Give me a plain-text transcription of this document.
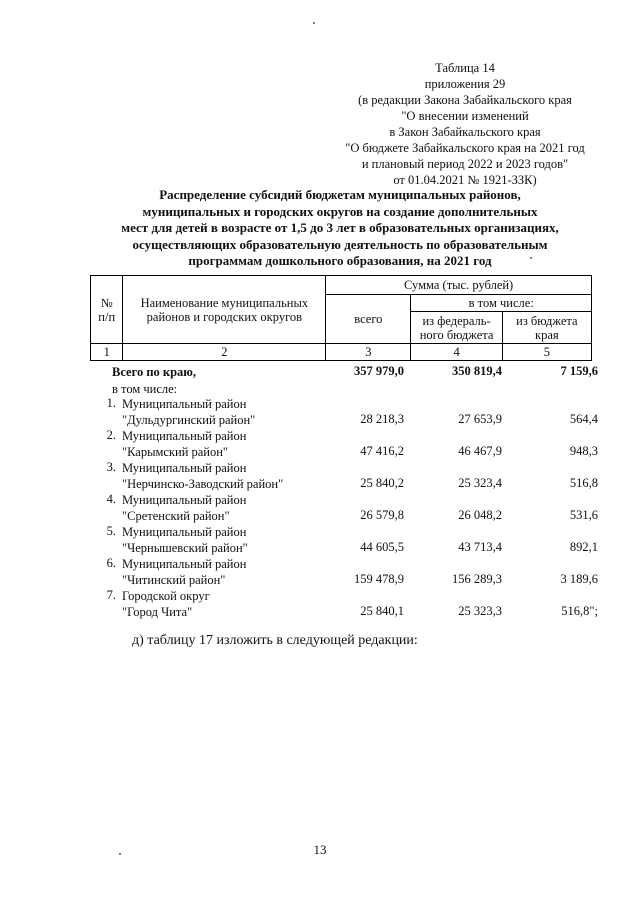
Таблица 14
приложения 29
(в редакции Закона Забайкальского края
"О внесении изменений
в Закон Забайкальского края
"О бюджете Забайкальского края на 2021 год
и плановый период 2022 и 2023 годов"
от 01.04.2021 № 1921-ЗЗК)
Распределение субсидий бюджетам муниципальных районов,
муниципальных и городских округов на создание дополнительных
мест для детей в возрасте от 1,5 до 3 лет в образовательных организациях,
осуществляющих образовательную деятельность по образовательным
программам дошкольного образования, на 2021 год
№ п/п	Наименование муниципальных районов и городских округов	Сумма (тыс. рублей)		
		всего	в том числе:	
			из федераль-ного бюджета	из бюджета края
1	2	3	4	5
Всего по краю,	357 979,0	350 819,4	7 159,6
в том числе:
1. Муниципальный район
"Дульдургинский район"	28 218,3	27 653,9	564,4
2. Муниципальный район
"Карымский район"	47 416,2	46 467,9	948,3
3. Муниципальный район
"Нерчинско-Заводский район"	25 840,2	25 323,4	516,8
4. Муниципальный район
"Сретенский район"	26 579,8	26 048,2	531,6
5. Муниципальный район
"Чернышевский район"	44 605,5	43 713,4	892,1
6. Муниципальный район
"Читинский район"	159 478,9	156 289,3	3 189,6
7. Городской округ
"Город Чита"	25 840,1	25 323,3	516,8";
д) таблицу 17 изложить в следующей редакции:
13
